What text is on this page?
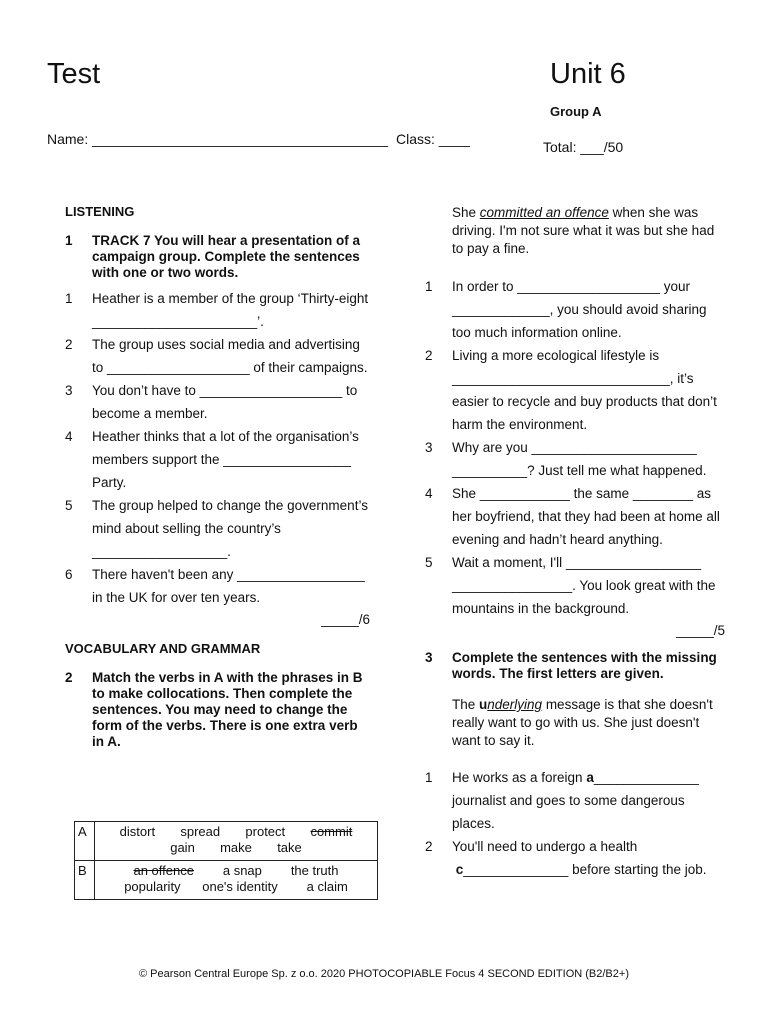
Test	Unit 6
Group A
Name: ______________________________________ Class: ____	Total: ___/50
LISTENING
1	TRACK 7 You will hear a presentation of a campaign group. Complete the sentences with one or two words.
1	Heather is a member of the group ‘Thirty-eight ______________________’.
2	The group uses social media and advertising to ___________________ of their campaigns.
3	You don’t have to ___________________ to become a member.
4	Heather thinks that a lot of the organisation’s members support the _________________ Party.
5	The group helped to change the government’s mind about selling the country’s __________________.
6	There haven't been any _________________ in the UK for over ten years.
_____/6
VOCABULARY AND GRAMMAR
2	Match the verbs in A with the phrases in B to make collocations. Then complete the sentences. You may need to change the form of the verbs. There is one extra verb in A.
A	distort spread protect commit
gain make take
B	an offence a snap the truth
popularity one's identity a claim
She committed an offence when she was driving. I'm not sure what it was but she had to pay a fine.
1	In order to ___________________ your _____________, you should avoid sharing too much information online.
2	Living a more ecological lifestyle is _____________________________, it’s easier to recycle and buy products that don’t harm the environment.
3	Why are you ______________________ __________? Just tell me what happened.
4	She ____________ the same ________ as her boyfriend, that they had been at home all evening and hadn’t heard anything.
5	Wait a moment, I'll __________________ ________________. You look great with the mountains in the background.
_____/5
3	Complete the sentences with the missing words. The first letters are given.
The underlying message is that she doesn't really want to go with us. She just doesn't want to say it.
1	He works as a foreign a______________ journalist and goes to some dangerous places.
2	You'll need to undergo a health
c______________ before starting the job.
© Pearson Central Europe Sp. z o.o. 2020 PHOTOCOPIABLE Focus 4 SECOND EDITION (B2/B2+)
